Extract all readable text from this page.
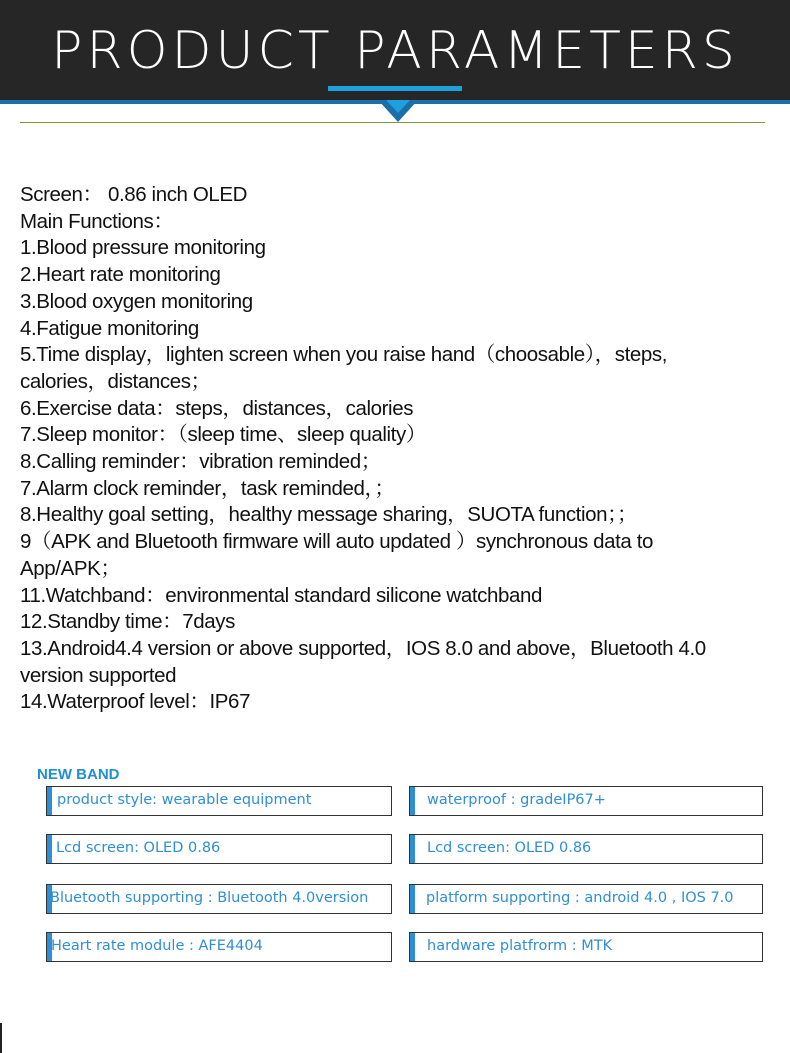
PRODUCT PARAMETERS
Screen： 0.86 inch OLED
Main Functions：
1.Blood pressure monitoring
2.Heart rate monitoring
3.Blood oxygen monitoring
4.Fatigue monitoring
5.Time display，lighten screen when you raise hand（choosable），steps,
calories，distances；
6.Exercise data：steps，distances，calories
7.Sleep monitor：（sleep time、sleep quality）
8.Calling reminder：vibration reminded；
7.Alarm clock reminder，task reminded，；
8.Healthy goal setting，healthy message sharing，SUOTA function；；
9（APK and Bluetooth firmware will auto updated ）synchronous data to
App/APK；
11.Watchband：environmental standard silicone watchband
12.Standby time：7days
13.Android4.4 version or above supported，IOS 8.0 and above，Bluetooth 4.0
version supported
14.Waterproof level：IP67
NEW BAND
product style: wearable equipment	waterproof : gradeIP67+
Lcd screen: OLED 0.86	Lcd screen: OLED 0.86
Bluetooth supporting : Bluetooth 4.0version	platform supporting : android 4.0 , IOS 7.0
Heart rate module : AFE4404	hardware platfrorm : MTK
